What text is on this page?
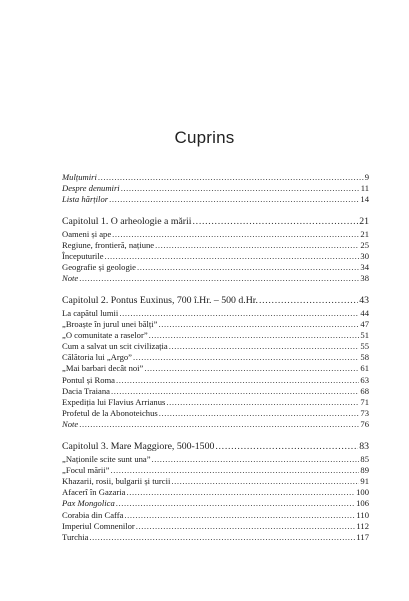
Cuprins
Mulțumiri .....	9
Despre denumiri .....	11
Lista hărților .....	14
Capitolul 1. O arheologie a mării .....	21
Oameni și ape .....	21
Regiune, frontieră, națiune .....	25
Începuturile .....	30
Geografie și geologie .....	34
Note .....	38
Capitolul 2. Pontus Euxinus, 700 î.Hr. – 500 d.Hr. .....	43
La capătul lumii .....	44
„Broaște în jurul unei bălți” .....	47
„O comunitate a raselor” .....	51
Cum a salvat un scit civilizația .....	55
Călătoria lui „Argo” .....	58
„Mai barbari decât noi” .....	61
Pontul și Roma .....	63
Dacia Traiana .....	68
Expediția lui Flavius Arrianus .....	71
Profetul de la Abonoteichus .....	73
Note .....	76
Capitolul 3. Mare Maggiore, 500-1500 .....	83
„Naționile scite sunt una” .....	85
„Focul mării” .....	89
Khazarii, rosii, bulgarii și turcii .....	91
Afacerî în Gazaria .....	100
Pax Mongolica .....	106
Corabia din Caffa .....	110
Imperiul Comnenilor .....	112
Turchia .....	117
